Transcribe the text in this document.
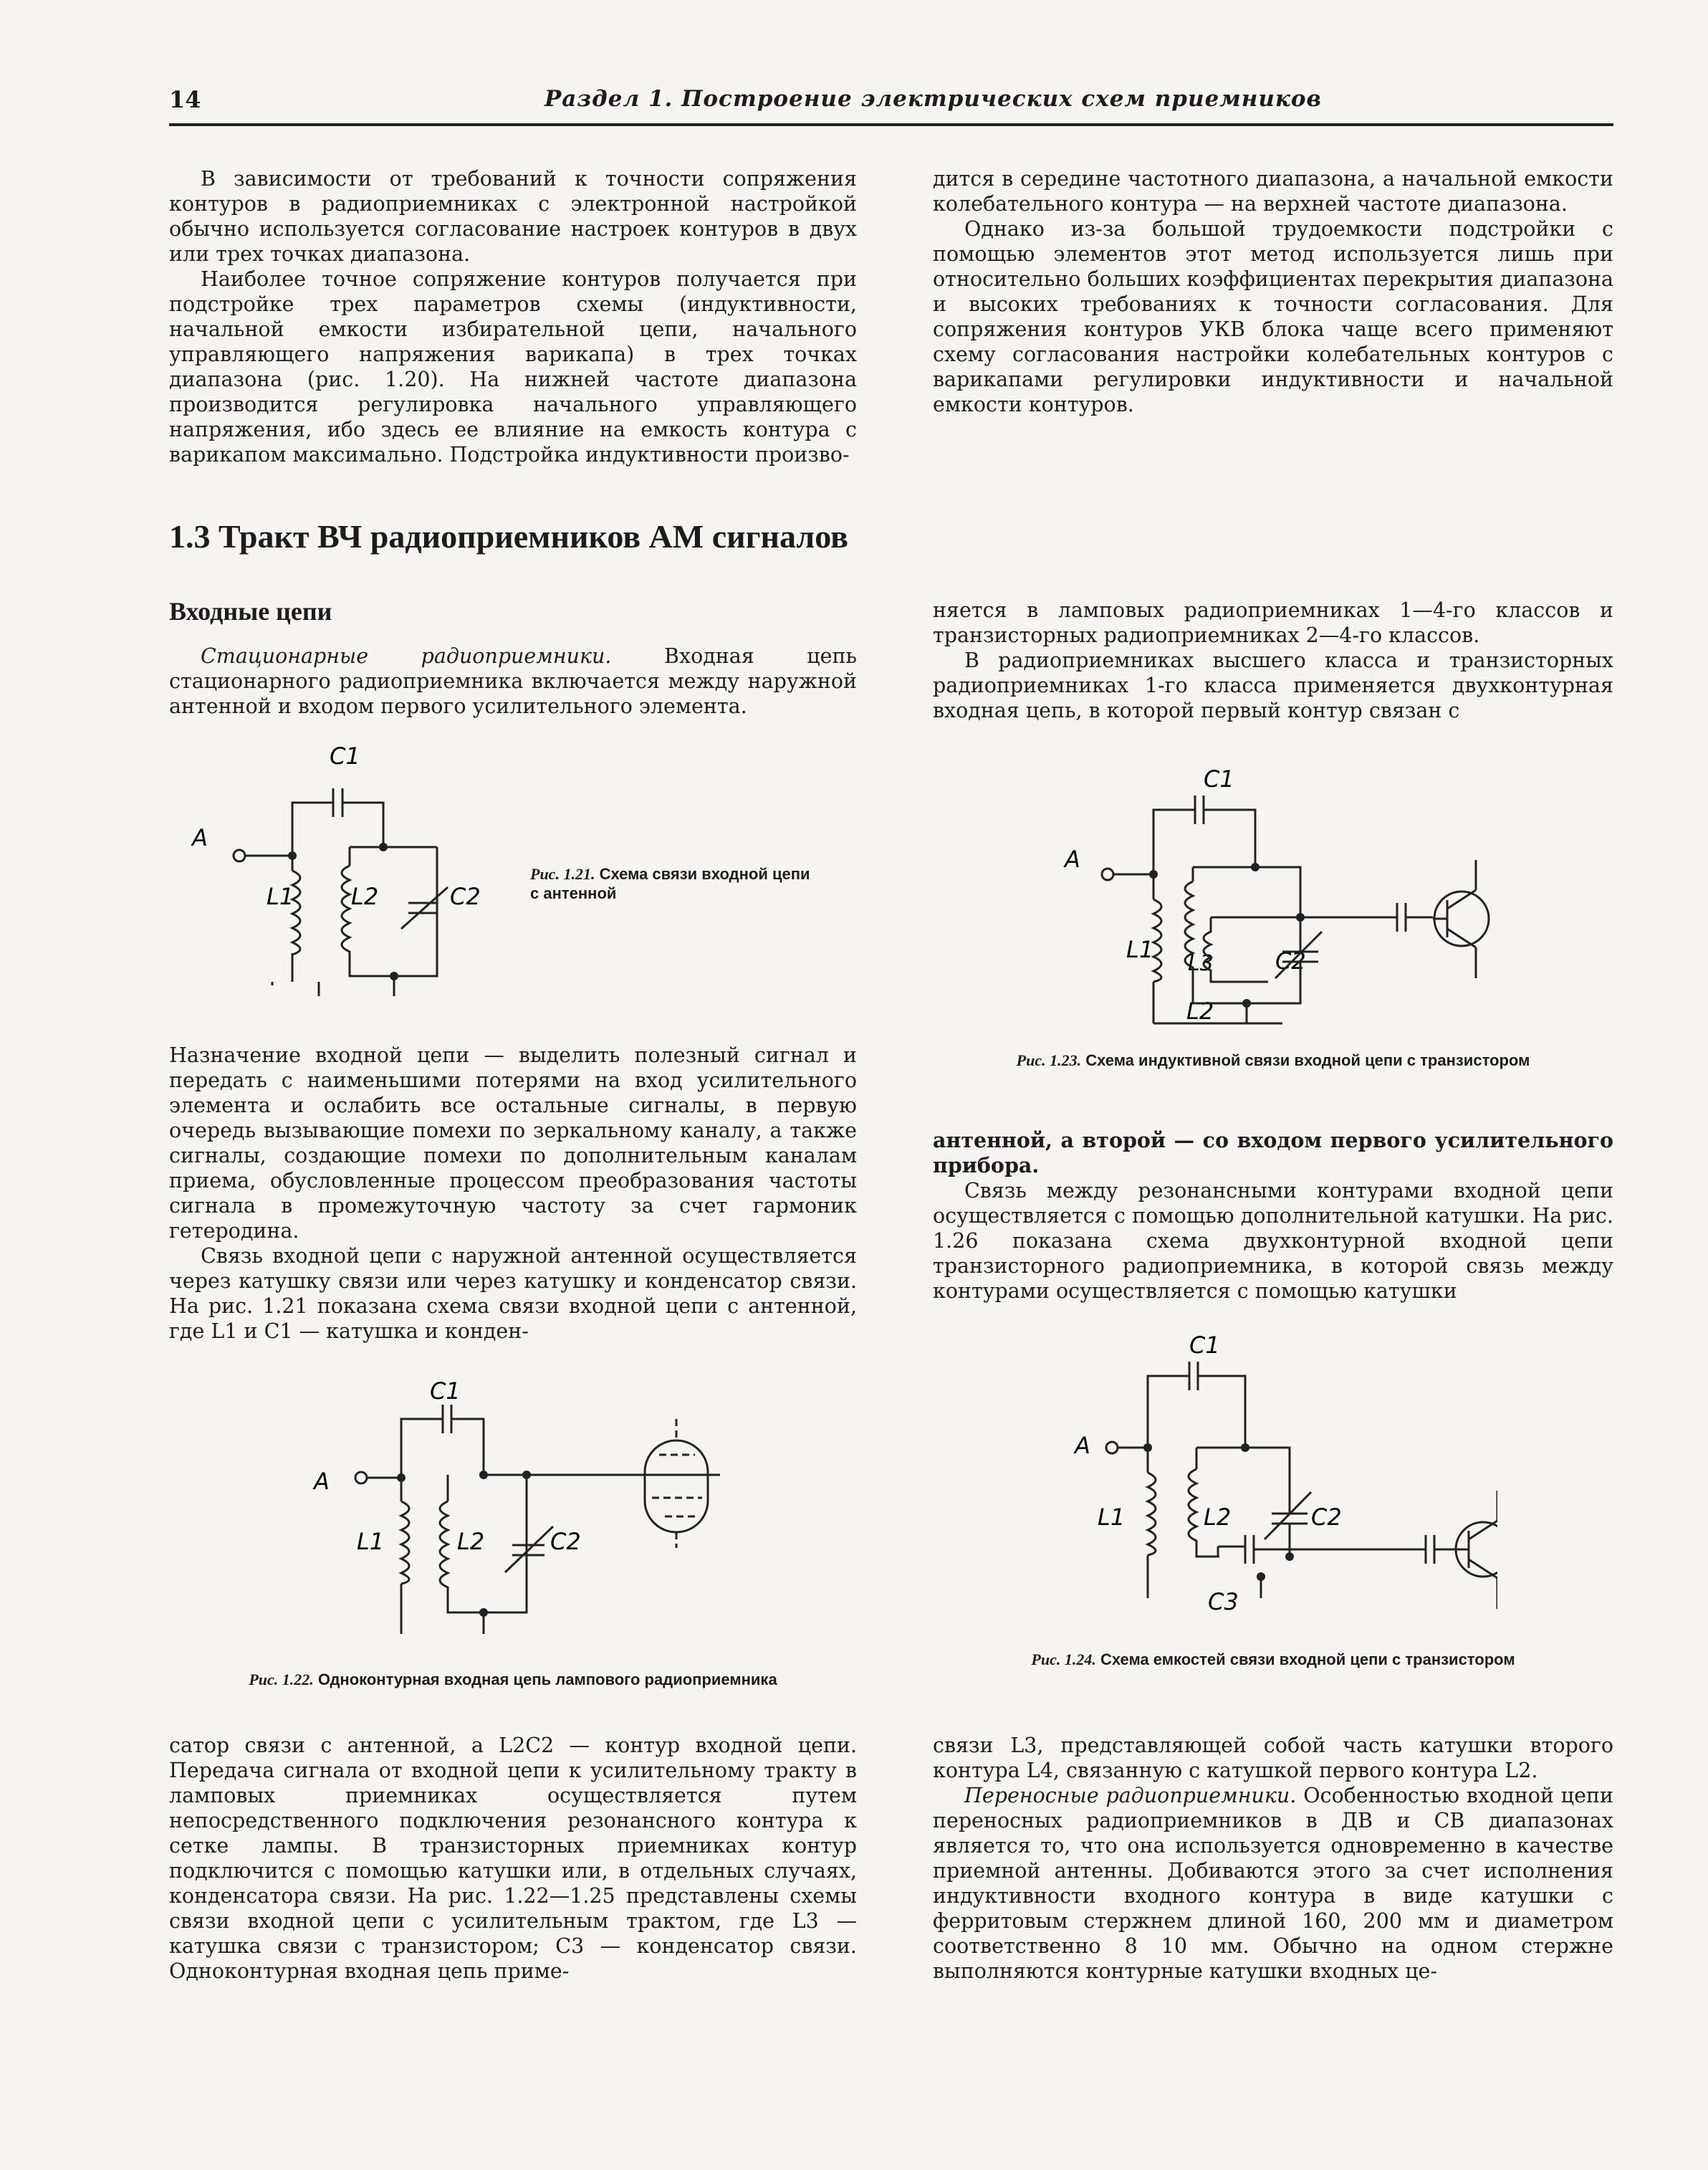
14	Раздел 1. Построение электрических схем приемников

В зависимости от требований к точности сопряжения контуров в радиоприемниках с электронной настройкой обычно используется согласование настроек контуров в двух или трех точках диапазона.

Наиболее точное сопряжение контуров получается при подстройке трех параметров схемы (индуктивности, начальной емкости избирательной цепи, начального управляющего напряжения варикапа) в трех точках диапазона (рис. 1.20). На нижней частоте диапазона производится регулировка начального управляющего напряжения, ибо здесь ее влияние на емкость контура с варикапом максимально. Подстройка индуктивности произво-

дится в середине частотного диапазона, а начальной емкости колебательного контура — на верхней частоте диапазона.

Однако из-за большой трудоемкости подстройки с помощью элементов этот метод используется лишь при относительно больших коэффициентах перекрытия диапазона и высоких требованиях к точности согласования. Для сопряжения контуров УКВ блока чаще всего применяют схему согласования настройки колебательных контуров с варикапами регулировки индуктивности и начальной емкости контуров.

1.3 Тракт ВЧ радиоприемников АМ сигналов
Входные цепи

Стационарные радиоприемники. Входная цепь стационарного радиоприемника включается между наружной антенной и входом первого усилительного элемента.

C1
A
L1 L2	C2
Рис. 1.21. Схема связи входной цепи с антенной

Назначение входной цепи — выделить полезный сигнал и передать с наименьшими потерями на вход усилительного элемента и ослабить все остальные сигналы, в первую очередь вызывающие помехи по зеркальному каналу, а также сигналы, создающие помехи по дополнительным каналам приема, обусловленные процессом преобразования частоты сигнала в промежуточную частоту за счет гармоник гетеродина.

Связь входной цепи с наружной антенной осуществляется через катушку связи или через катушку и конденсатор связи. На рис. 1.21 показана схема связи входной цепи с антенной, где L1 и C1 — катушка и конден-

C1
A
L1	L2	C2
Рис. 1.22. Одноконтурная входная цепь лампового радиоприемника

сатор связи с антенной, а L2C2 — контур входной цепи. Передача сигнала от входной цепи к усилительному тракту в ламповых приемниках осуществляется путем непосредственного подключения резонансного контура к сетке лампы. В транзисторных приемниках контур подключится с помощью катушки или, в отдельных случаях, конденсатора связи. На рис. 1.22—1.25 представлены схемы связи входной цепи с усилительным трактом, где L3 — катушка связи с транзистором; C3 — конденсатор связи. Одноконтурная входная цепь приме-

няется в ламповых радиоприемниках 1—4-го классов и транзисторных радиоприемниках 2—4-го классов.

В радиоприемниках высшего класса и транзисторных радиоприемниках 1-го класса применяется двухконтурная входная цепь, в которой первый контур связан с

C1
A
L1
L3	C2
L2
Рис. 1.23. Схема индуктивной связи входной цепи с транзистором

антенной, а второй — со входом первого усилительного прибора.

Связь между резонансными контурами входной цепи осуществляется с помощью дополнительной катушки. На рис. 1.26 показана схема двухконтурной входной цепи транзисторного радиоприемника, в которой связь между контурами осуществляется с помощью катушки

C1
A
L1	L2	C2
C3
Рис. 1.24. Схема емкостей связи входной цепи с транзистором

связи L3, представляющей собой часть катушки второго контура L4, связанную с катушкой первого контура L2.

Переносные радиоприемники. Особенностью входной цепи переносных радиоприемников в ДВ и СВ диапазонах является то, что она используется одновременно в качестве приемной антенны. Добиваются этого за счет исполнения индуктивности входного контура в виде катушки с ферритовым стержнем длиной 160, 200 мм и диаметром соответственно 8 10 мм. Обычно на одном стержне выполняются контурные катушки входных це-
